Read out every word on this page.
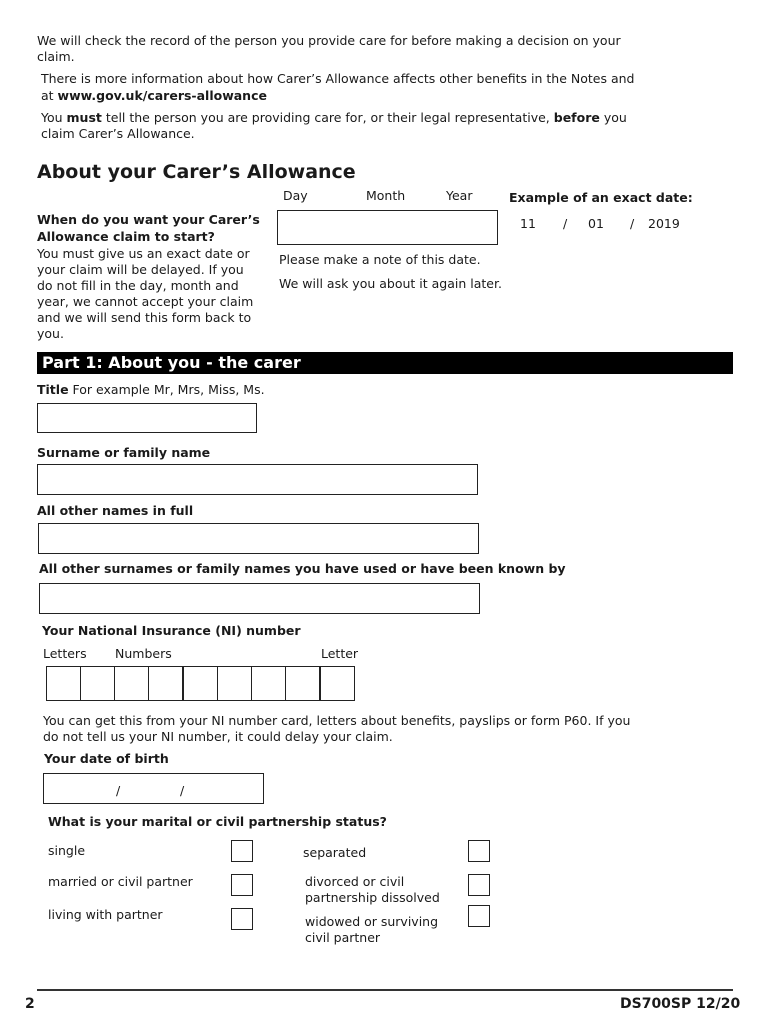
We will check the record of the person you provide care for before making a decision on your
claim.
There is more information about how Carer’s Allowance affects other benefits in the Notes and
at www.gov.uk/carers-allowance
You must tell the person you are providing care for, or their legal representative, before you
claim Carer’s Allowance.
About your Carer’s Allowance
Day	Month	Year	Example of an exact date:
When do you want your Carer’s
Allowance claim to start?
11 / 01 / 2019
You must give us an exact date or
your claim will be delayed. If you
do not fill in the day, month and
year, we cannot accept your claim
and we will send this form back to
you.
Please make a note of this date.
We will ask you about it again later.
Part 1: About you - the carer
Title For example Mr, Mrs, Miss, Ms.
Surname or family name
All other names in full
All other surnames or family names you have used or have been known by
Your National Insurance (NI) number
Letters Numbers	Letter
You can get this from your NI number card, letters about benefits, payslips or form P60. If you
do not tell us your NI number, it could delay your claim.
Your date of birth
/	/
What is your marital or civil partnership status?
single
married or civil partner
living with partner
separated
divorced or civil
partnership dissolved
widowed or surviving
civil partner
2	DS700SP 12/20
